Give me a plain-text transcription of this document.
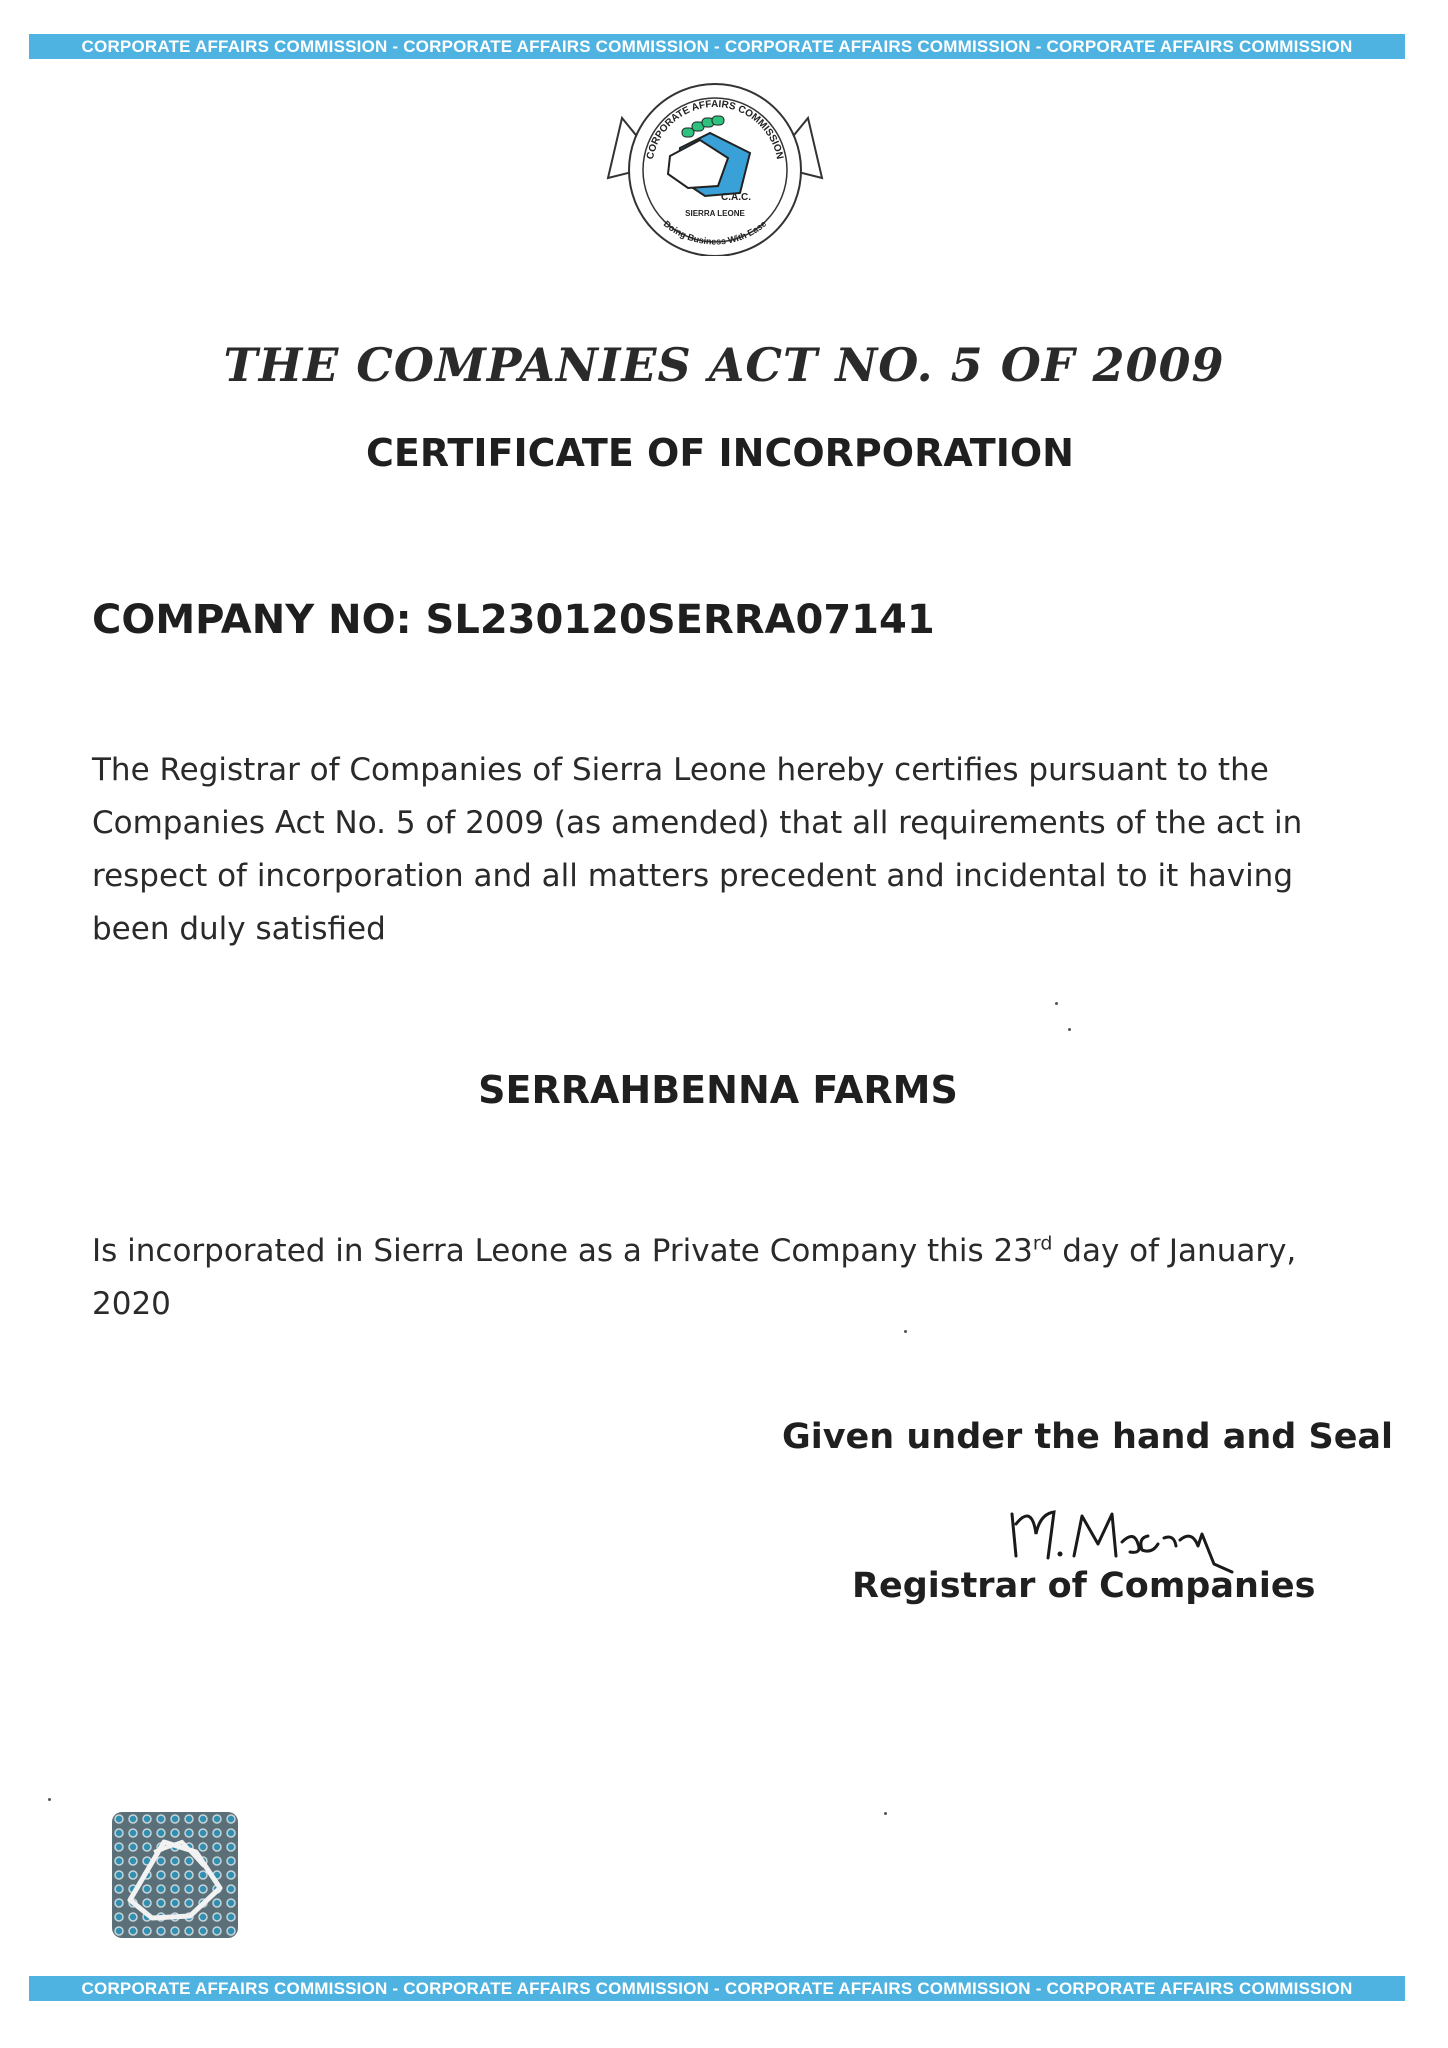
CORPORATE AFFAIRS COMMISSION - CORPORATE AFFAIRS COMMISSION - CORPORATE AFFAIRS COMMISSION - CORPORATE AFFAIRS COMMISSION
CORPORATE AFFAIRS COMMISSION
Doing Business With Ease
C.A.C.
SIERRA LEONE
THE COMPANIES ACT NO. 5 OF 2009
CERTIFICATE OF INCORPORATION
COMPANY NO: SL230120SERRA07141
The Registrar of Companies of Sierra Leone hereby certifies pursuant to the Companies Act No. 5 of 2009 (as amended) that all requirements of the act in respect of incorporation and all matters precedent and incidental to it having been duly satisfied
SERRAHBENNA FARMS
Is incorporated in Sierra Leone as a Private Company this 23rd day of January, 2020
Given under the hand and Seal
Registrar of Companies
CORPORATE AFFAIRS COMMISSION - CORPORATE AFFAIRS COMMISSION - CORPORATE AFFAIRS COMMISSION - CORPORATE AFFAIRS COMMISSION
